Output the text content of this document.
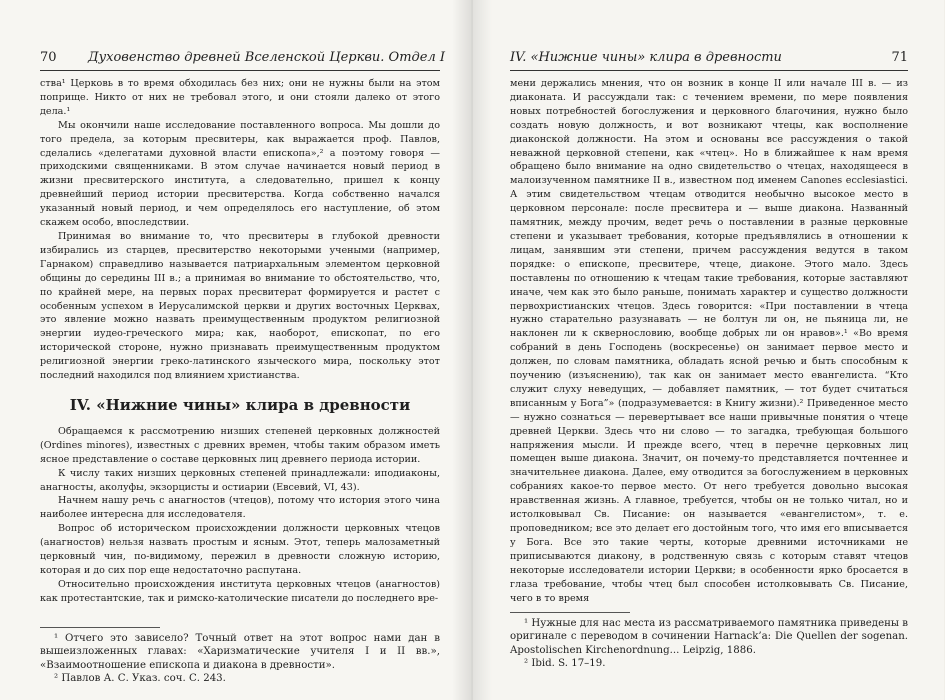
70 Духовенство древней Вселенской Церкви. Отдел I

ства¹ Церковь в то время обходилась без них; они не нужны были на этом поприще. Никто от них не требовал этого, и они стояли далеко от этого дела.¹

Мы окончили наше исследование поставленного вопроса. Мы дошли до того предела, за которым пресвитеры, как выражается проф. Павлов, сделались «делегатами духовной власти епископа»,² а поэтому говоря — приходскими священниками. В этом случае начинается новый период в жизни пресвитерского института, а следовательно, пришел к концу древнейший период истории пресвитерства. Когда собственно начался указанный новый период, и чем определялось его наступление, об этом скажем особо, впоследствии.

Принимая во внимание то, что пресвитеры в глубокой древности избирались из старцев, пресвитерство некоторыми учеными (например, Гарнаком) справедливо называется патриархальным элементом церковной общины до середины III в.; а принимая во внимание то обстоятельство, что, по крайней мере, на первых порах пресвитерат формируется и растет с особенным успехом в Иерусалимской церкви и других восточных Церквах, это явление можно назвать преимущественным продуктом религиозной энергии иудео-греческого мира; как, наоборот, епископат, по его исторической стороне, нужно признавать преимущественным продуктом религиозной энергии греко-латинского языческого мира, поскольку этот последний находился под влиянием христианства.

IV. «Нижние чины» клира в древности

Обращаемся к рассмотрению низших степеней церковных должностей (Ordines minores), известных с древних времен, чтобы таким образом иметь ясное представление о составе церковных лиц древнего периода истории.

К числу таких низших церковных степеней принадлежали: иподиаконы, анагносты, аколуфы, экзорцисты и остиарии (Евсевий, VI, 43).

Начнем нашу речь с анагностов (чтецов), потому что история этого чина наиболее интересна для исследователя.

Вопрос об историческом происхождении должности церковных чтецов (анагностов) нельзя назвать простым и ясным. Этот, теперь малозаметный церковный чин, по-видимому, пережил в древности сложную историю, которая и до сих пор еще недостаточно распутана.

Относительно происхождения института церковных чтецов (анагностов) как протестантские, так и римско-католические писатели до последнего вре-

¹ Отчего это зависело? Точный ответ на этот вопрос нами дан в вышеизложенных главах: «Харизматические учителя I и II вв.», «Взаимоотношение епископа и диакона в древности».

² Павлов А. С. Указ. соч. С. 243.

IV. «Нижние чины» клира в древности	71

мени держались мнения, что он возник в конце II или начале III в. — из диаконата. И рассуждали так: с течением времени, по мере появления новых потребностей богослужения и церковного благочиния, нужно было создать новую должность, и вот возникают чтецы, как восполнение диаконской должности. На этом и основаны все рассуждения о такой неважной церковной степени, как «чтец». Но в ближайшее к нам время обращено было внимание на одно свидетельство о чтецах, находящееся в малоизученном памятнике II в., известном под именем Canones ecclesiastici. А этим свидетельством чтецам отводится необычно высокое место в церковном персонале: после пресвитера и — выше диакона. Названный памятник, между прочим, ведет речь о поставлении в разные церковные степени и указывает требования, которые предъявлялись в отношении к лицам, занявшим эти степени, причем рассуждения ведутся в таком порядке: о епископе, пресвитере, чтеце, диаконе. Этого мало. Здесь поставлены по отношению к чтецам такие требования, которые заставляют иначе, чем как это было раньше, понимать характер и существо должности первохристианских чтецов. Здесь говорится: «При поставлении в чтеца нужно старательно разузнавать — не болтун ли он, не пьяница ли, не наклонен ли к сквернословию, вообще добрых ли он нравов».¹ «Во время собраний в день Господень (воскресенье) он занимает первое место и должен, по словам памятника, обладать ясной речью и быть способным к поучению (изъяснению), так как он занимает место евангелиста. “Кто служит слуху неведущих, — добавляет памятник, — тот будет считаться вписанным у Бога”» (подразумевается: в Книгу жизни).² Приведенное место — нужно сознаться — перевертывает все наши привычные понятия о чтеце древней Церкви. Здесь что ни слово — то загадка, требующая большого напряжения мысли. И прежде всего, чтец в перечне церковных лиц помещен выше диакона. Значит, он почему-то представляется почтеннее и значительнее диакона. Далее, ему отводится за богослужением в церковных собраниях какое-то первое место. От него требуется довольно высокая нравственная жизнь. А главное, требуется, чтобы он не только читал, но и истолковывал Св. Писание: он называется «евангелистом», т. е. проповедником; все это делает его достойным того, что имя его вписывается у Бога. Все это такие черты, которые древними источниками не приписываются диакону, в родственную связь с которым ставят чтецов некоторые исследователи истории Церкви; в особенности ярко бросается в глаза требование, чтобы чтец был способен истолковывать Св. Писание, чего в то время

¹ Нужные для нас места из рассматриваемого памятника приведены в оригинале с переводом в сочинении Harnack’a: Die Quellen der sogenan. Apostolischen Kirchenordnung... Leipzig, 1886.

² Ibid. S. 17–19.
